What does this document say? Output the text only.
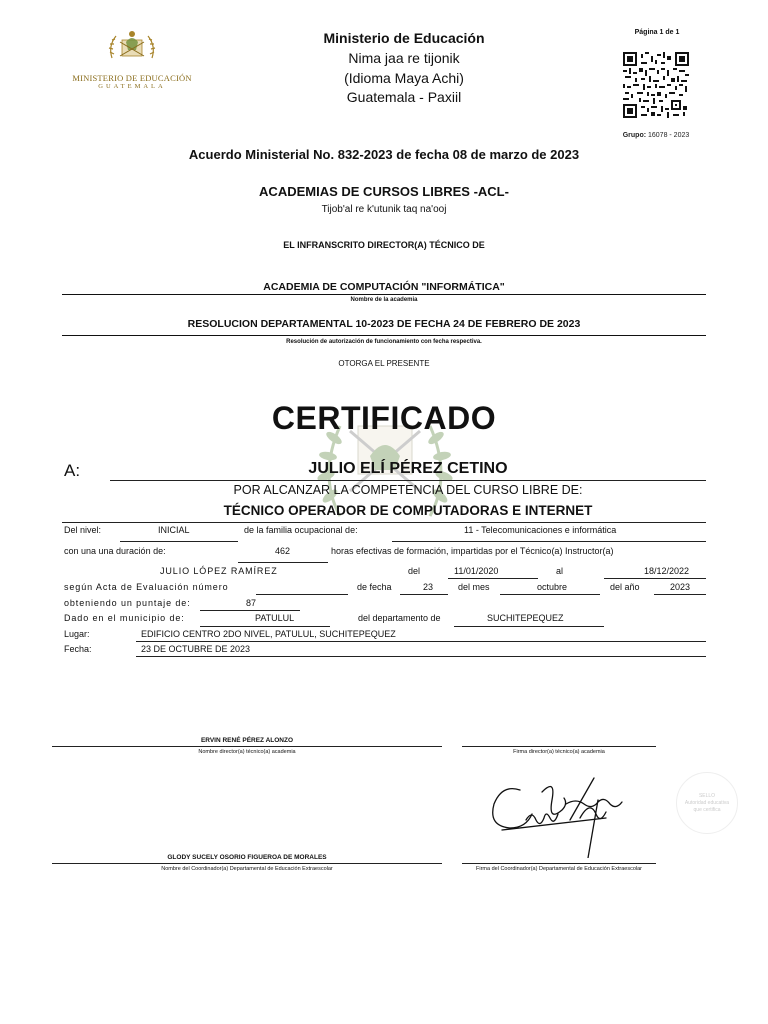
MINISTERIO DE EDUCACIÓN
GUATEMALA
Ministerio de Educación
Nima jaa re tijonik
(Idioma Maya Achi)
Guatemala - Paxiil
Página 1 de 1
Grupo: 16078 - 2023
Acuerdo Ministerial No. 832-2023 de fecha 08 de marzo de 2023
ACADEMIAS DE CURSOS LIBRES -ACL-
Tijob'al re k'utunik taq na'ooj
EL INFRANSCRITO DIRECTOR(A) TÉCNICO DE
ACADEMIA DE COMPUTACIÓN "INFORMÁTICA"
Nombre de la academia
RESOLUCION DEPARTAMENTAL 10-2023 DE FECHA 24 DE FEBRERO DE 2023
Resolución de autorización de funcionamiento con fecha respectiva.
OTORGA EL PRESENTE
CERTIFICADO
A:	JULIO ELÍ PÉREZ CETINO
POR ALCANZAR LA COMPETENCIA DEL CURSO LIBRE DE:
TÉCNICO OPERADOR DE COMPUTADORAS E INTERNET
Del nivel:	INICIAL	de la familia ocupacional de:	11 - Telecomunicaciones e informática
con una una duración de:	462	horas efectivas de formación, impartidas por el Técnico(a) Instructor(a)
JULIO LÓPEZ RAMÍREZ	del	11/01/2020	al	18/12/2022
según Acta de Evaluación número	de fecha	23	del mes	octubre	del año	2023
obteniendo un puntaje de:	87
Dado en el municipio de:	PATULUL	del departamento de	SUCHITEPEQUEZ
Lugar:	EDIFICIO CENTRO 2DO NIVEL, PATULUL, SUCHITEPEQUEZ
Fecha:	23 DE OCTUBRE DE 2023
ERVIN RENÉ PÉREZ ALONZO
Nombre director(a) técnico(a) academia	Firma director(a) técnico(a) academia
GLODY SUCELY OSORIO FIGUEROA DE MORALES
Nombre del Coordinador(a) Departamental de Educación Extraescolar	Firma del Coordinador(a) Departamental de Educación Extraescolar
SELLO
Autoridad educativa
que certifica
